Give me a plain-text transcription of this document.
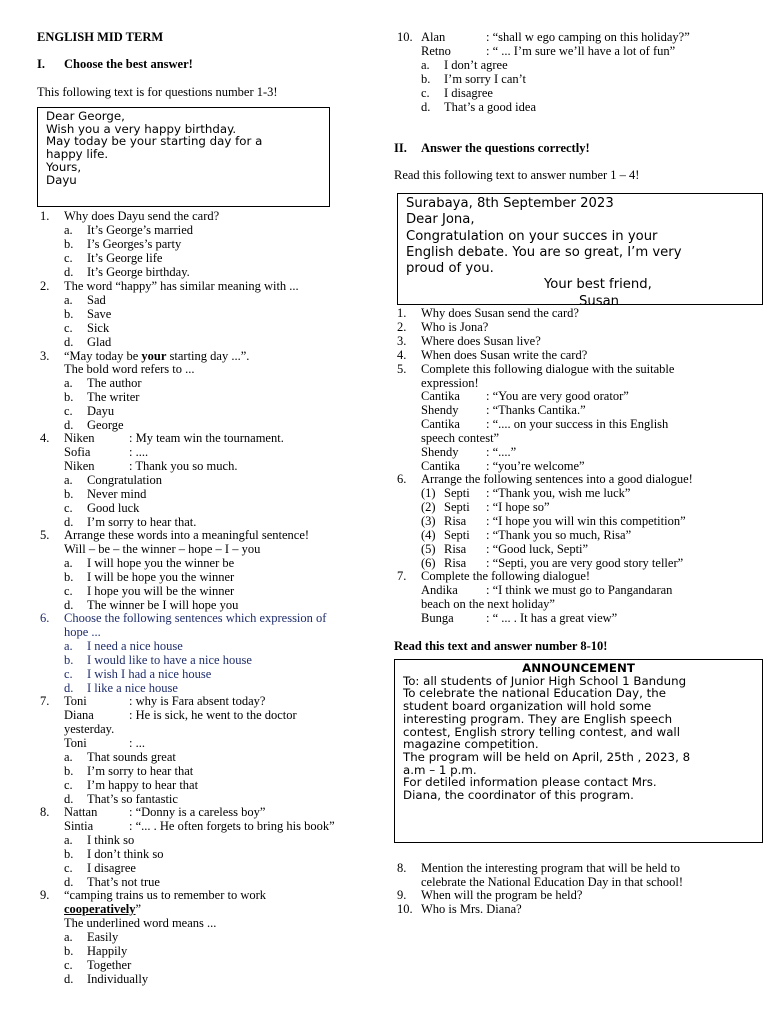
ENGLISH MID TERM
I. Choose the best answer!
This following text is for questions number 1-3!
Dear George,
Wish you a very happy birthday.
May today be your starting day for a
happy life.
Yours,
Dayu
1. Why does Dayu send the card?
a. It’s George’s married
b. I’s Georges’s party
c. It’s George life
d. It’s George birthday.
2. The word “happy” has similar meaning with ...
a. Sad
b. Save
c. Sick
d. Glad
3. “May today be your starting day ...”.
The bold word refers to ...
a. The author
b. The writer
c. Dayu
d. George
4. Niken	: My team win the tournament.
Sofia	: ....
Niken	: Thank you so much.
a. Congratulation
b. Never mind
c. Good luck
d. I’m sorry to hear that.
5. Arrange these words into a meaningful sentence!
Will – be – the winner – hope – I – you
a. I will hope you the winner be
b. I will be hope you the winner
c. I hope you will be the winner
d. The winner be I will hope you
6. Choose the following sentences which expression of
hope ...
a. I need a nice house
b. I would like to have a nice house
c. I wish I had a nice house
d. I like a nice house
7. Toni	: why is Fara absent today?
Diana	: He is sick, he went to the doctor
yesterday.
Toni	: ...
a. That sounds great
b. I’m sorry to hear that
c. I’m happy to hear that
d. That’s so fantastic
8. Nattan	: “Donny is a careless boy”
Sintia	: “... . He often forgets to bring his book”
a. I think so
b. I don’t think so
c. I disagree
d. That’s not true
9. “camping trains us to remember to work
cooperatively”
The underlined word means ...
a. Easily
b. Happily
c. Together
d. Individually
10. Alan	: “shall w ego camping on this holiday?”
Retno	: “ ... I’m sure we’ll have a lot of fun”
a. I don’t agree
b. I’m sorry I can’t
c. I disagree
d. That’s a good idea
II. Answer the questions correctly!
Read this following text to answer number 1 – 4!
Surabaya, 8th September 2023
Dear Jona,
Congratulation on your succes in your
English debate. You are so great, I’m very
proud of you.
Your best friend,
Susan
1. Why does Susan send the card?
2. Who is Jona?
3. Where does Susan live?
4. When does Susan write the card?
5. Complete this following dialogue with the suitable
expression!
Cantika : “You are very good orator”
Shendy : “Thanks Cantika.”
Cantika : “.... on your success in this English
speech contest”
Shendy : “....”
Cantika : “you’re welcome”
6. Arrange the following sentences into a good dialogue!
(1) Septi : “Thank you, wish me luck”
(2) Septi : “I hope so”
(3) Risa : “I hope you will win this competition”
(4) Septi : “Thank you so much, Risa”
(5) Risa : “Good luck, Septi”
(6) Risa : “Septi, you are very good story teller”
7. Complete the following dialogue!
Andika : “I think we must go to Pangandaran
beach on the next holiday”
Bunga	: “ ... . It has a great view”
Read this text and answer number 8-10!
ANNOUNCEMENT
To: all students of Junior High School 1 Bandung
To celebrate the national Education Day, the
student board organization will hold some
interesting program. They are English speech
contest, English strory telling contest, and wall
magazine competition.
The program will be held on April, 25th , 2023, 8
a.m – 1 p.m.
For detiled information please contact Mrs.
Diana, the coordinator of this program.
8. Mention the interesting program that will be held to
celebrate the National Education Day in that school!
9. When will the program be held?
10. Who is Mrs. Diana?
